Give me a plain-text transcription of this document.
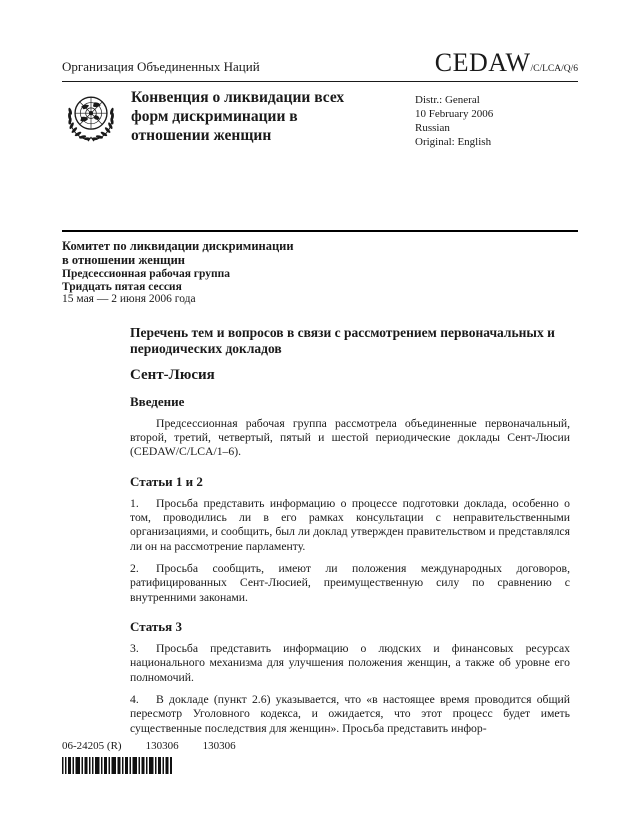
Организация Объединенных Наций	CEDAW/C/LCA/Q/6
Конвенция о ликвидации всех форм дискриминации в отношении женщин
Distr.: General
10 February 2006
Russian
Original: English
Комитет по ликвидации дискриминации
в отношении женщин
Предсессионная рабочая группа
Тридцать пятая сессия
15 мая — 2 июня 2006 года
Перечень тем и вопросов в связи с рассмотрением первоначальных и периодических докладов
Сент-Люсия
Введение

Предсессионная рабочая группа рассмотрела объединенные первоначальный, второй, третий, четвертый, пятый и шестой периодические доклады Сент-Люсии (CEDAW/C/LCA/1–6).

Статьи 1 и 2

1. Просьба представить информацию о процессе подготовки доклада, особенно о том, проводились ли в его рамках консультации с неправительственными организациями, и сообщить, был ли доклад утвержден правительством и представлялся ли он на рассмотрение парламенту.

2. Просьба сообщить, имеют ли положения международных договоров, ратифицированных Сент-Люсией, преимущественную силу по сравнению с внутренними законами.

Статья 3

3. Просьба представить информацию о людских и финансовых ресурсах национального механизма для улучшения положения женщин, а также об уровне его полномочий.

4. В докладе (пункт 2.6) указывается, что «в настоящее время проводится общий пересмотр Уголовного кодекса, и ожидается, что этот процесс будет иметь существенные последствия для женщин». Просьба представить инфор-

06-24205 (R) 130306 130306
